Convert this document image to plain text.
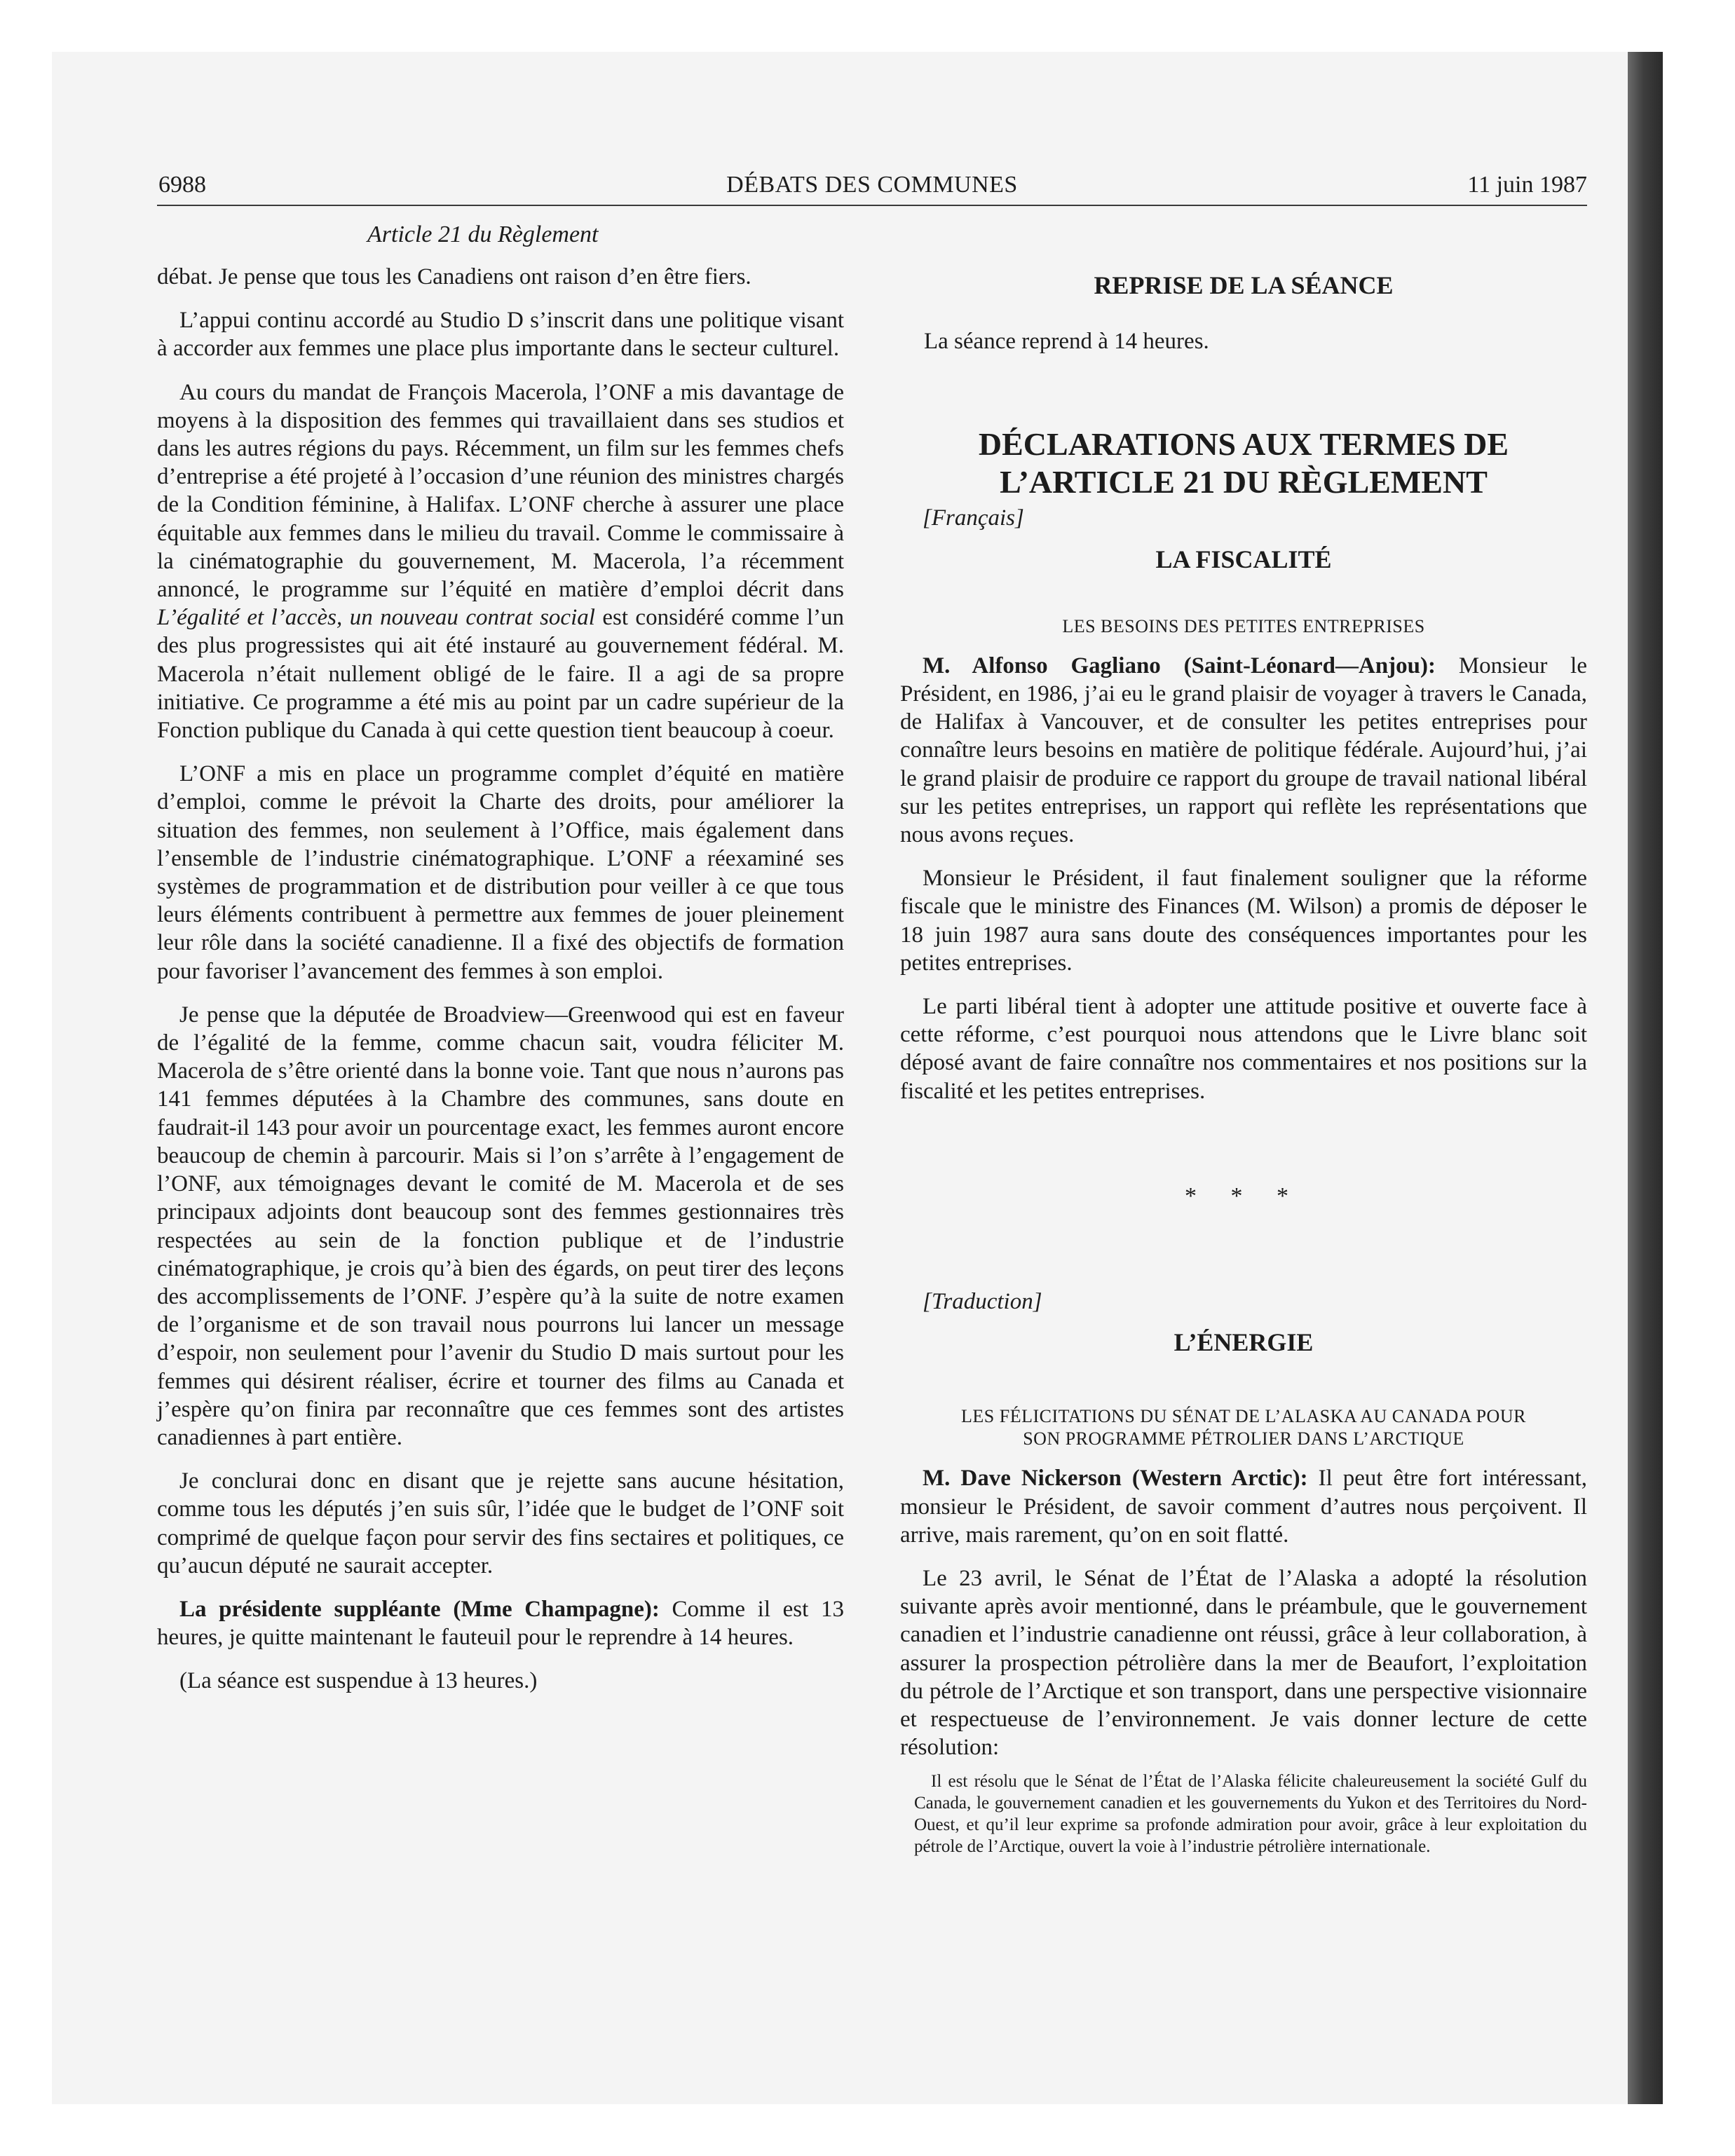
6988	DÉBATS DES COMMUNES	11 juin 1987
Article 21 du Règlement

débat. Je pense que tous les Canadiens ont raison d’en être fiers.

L’appui continu accordé au Studio D s’inscrit dans une politique visant à accorder aux femmes une place plus importante dans le secteur culturel.

Au cours du mandat de François Macerola, l’ONF a mis davantage de moyens à la disposition des femmes qui travaillaient dans ses studios et dans les autres régions du pays. Récemment, un film sur les femmes chefs d’entreprise a été projeté à l’occasion d’une réunion des ministres chargés de la Condition féminine, à Halifax. L’ONF cherche à assurer une place équitable aux femmes dans le milieu du travail. Comme le commissaire à la cinématographie du gouvernement, M. Macerola, l’a récemment annoncé, le programme sur l’équité en matière d’emploi décrit dans L’égalité et l’accès, un nouveau contrat social est considéré comme l’un des plus progressistes qui ait été instauré au gouvernement fédéral. M. Macerola n’était nullement obligé de le faire. Il a agi de sa propre initiative. Ce programme a été mis au point par un cadre supérieur de la Fonction publique du Canada à qui cette question tient beaucoup à coeur.

L’ONF a mis en place un programme complet d’équité en matière d’emploi, comme le prévoit la Charte des droits, pour améliorer la situation des femmes, non seulement à l’Office, mais également dans l’ensemble de l’industrie cinématographique. L’ONF a réexaminé ses systèmes de programmation et de distribution pour veiller à ce que tous leurs éléments contribuent à permettre aux femmes de jouer pleinement leur rôle dans la société canadienne. Il a fixé des objectifs de formation pour favoriser l’avancement des femmes à son emploi.

Je pense que la députée de Broadview—Greenwood qui est en faveur de l’égalité de la femme, comme chacun sait, voudra féliciter M. Macerola de s’être orienté dans la bonne voie. Tant que nous n’aurons pas 141 femmes députées à la Chambre des communes, sans doute en faudrait-il 143 pour avoir un pourcentage exact, les femmes auront encore beaucoup de chemin à parcourir. Mais si l’on s’arrête à l’engagement de l’ONF, aux témoignages devant le comité de M. Macerola et de ses principaux adjoints dont beaucoup sont des femmes gestionnaires très respectées au sein de la fonction publique et de l’industrie cinématographique, je crois qu’à bien des égards, on peut tirer des leçons des accomplissements de l’ONF. J’espère qu’à la suite de notre examen de l’organisme et de son travail nous pourrons lui lancer un message d’espoir, non seulement pour l’avenir du Studio D mais surtout pour les femmes qui désirent réaliser, écrire et tourner des films au Canada et j’espère qu’on finira par reconnaître que ces femmes sont des artistes canadiennes à part entière.

Je conclurai donc en disant que je rejette sans aucune hésitation, comme tous les députés j’en suis sûr, l’idée que le budget de l’ONF soit comprimé de quelque façon pour servir des fins sectaires et politiques, ce qu’aucun député ne saurait accepter.

La présidente suppléante (Mme Champagne): Comme il est 13 heures, je quitte maintenant le fauteuil pour le reprendre à 14 heures.

(La séance est suspendue à 13 heures.)

REPRISE DE LA SÉANCE

La séance reprend à 14 heures.

DÉCLARATIONS AUX TERMES DE
L’ARTICLE 21 DU RÈGLEMENT

[Français]

LA FISCALITÉ
LES BESOINS DES PETITES ENTREPRISES

M. Alfonso Gagliano (Saint-Léonard—Anjou): Monsieur le Président, en 1986, j’ai eu le grand plaisir de voyager à travers le Canada, de Halifax à Vancouver, et de consulter les petites entreprises pour connaître leurs besoins en matière de politique fédérale. Aujourd’hui, j’ai le grand plaisir de produire ce rapport du groupe de travail national libéral sur les petites entreprises, un rapport qui reflète les représentations que nous avons reçues.

Monsieur le Président, il faut finalement souligner que la réforme fiscale que le ministre des Finances (M. Wilson) a promis de déposer le 18 juin 1987 aura sans doute des conséquences importantes pour les petites entreprises.

Le parti libéral tient à adopter une attitude positive et ouverte face à cette réforme, c’est pourquoi nous attendons que le Livre blanc soit déposé avant de faire connaître nos commentaires et nos positions sur la fiscalité et les petites entreprises.

* * *

[Traduction]

L’ÉNERGIE
LES FÉLICITATIONS DU SÉNAT DE L’ALASKA AU CANADA POUR
SON PROGRAMME PÉTROLIER DANS L’ARCTIQUE

M. Dave Nickerson (Western Arctic): Il peut être fort intéressant, monsieur le Président, de savoir comment d’autres nous perçoivent. Il arrive, mais rarement, qu’on en soit flatté.

Le 23 avril, le Sénat de l’État de l’Alaska a adopté la résolution suivante après avoir mentionné, dans le préambule, que le gouvernement canadien et l’industrie canadienne ont réussi, grâce à leur collaboration, à assurer la prospection pétrolière dans la mer de Beaufort, l’exploitation du pétrole de l’Arctique et son transport, dans une perspective visionnaire et respectueuse de l’environnement. Je vais donner lecture de cette résolution:

Il est résolu que le Sénat de l’État de l’Alaska félicite chaleureusement la société Gulf du Canada, le gouvernement canadien et les gouvernements du Yukon et des Territoires du Nord-Ouest, et qu’il leur exprime sa profonde admiration pour avoir, grâce à leur exploitation du pétrole de l’Arctique, ouvert la voie à l’industrie pétrolière internationale.
